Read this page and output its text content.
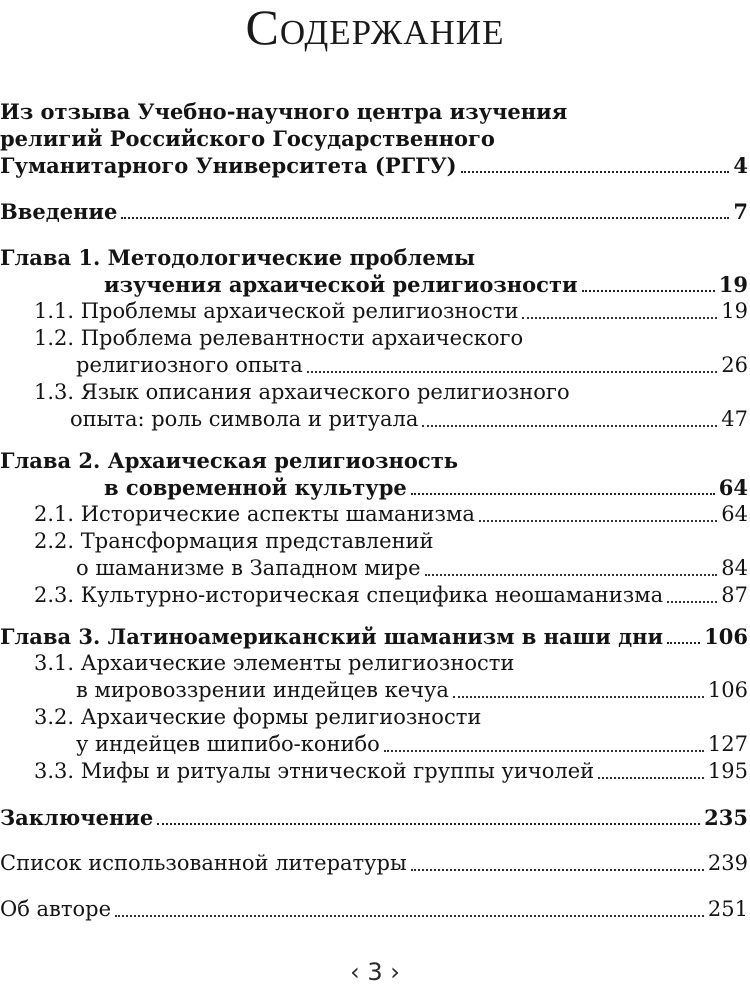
Содержание
Из отзыва Учебно-научного центра изучения
религий Российского Государственного
Гуманитарного Университета (РГГУ)	4
Введение	7
Глава 1. Методологические проблемы
изучения архаической религиозности	19
1.1. Проблемы архаической религиозности	19
1.2. Проблема релевантности архаического
религиозного опыта	26
1.3. Язык описания архаического религиозного
опыта: роль символа и ритуала	47
Глава 2. Архаическая религиозность
в современной культуре	64
2.1. Исторические аспекты шаманизма	64
2.2. Трансформация представлений
о шаманизме в Западном мире	84
2.3. Культурно-историческая специфика неошаманизма	87
Глава 3. Латиноамериканский шаманизм в наши дни 106
3.1. Архаические элементы религиозности
в мировоззрении индейцев кечуа	106
3.2. Архаические формы религиозности
у индейцев шипибо-конибо	127
3.3. Мифы и ритуалы этнической группы уичолей	195
Заключение	235
Список использованной литературы	239
Об авторе	251
‹ 3 ›
